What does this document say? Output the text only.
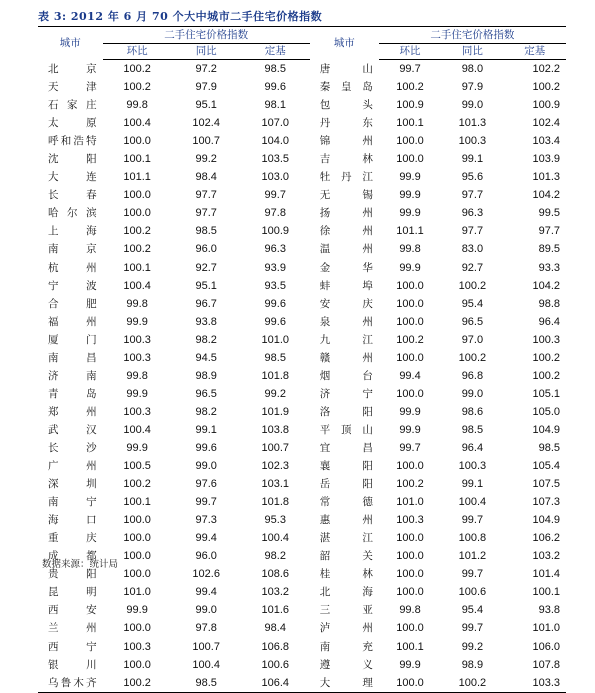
表 3: 2012 年 6 月 70 个大中城市二手住宅价格指数
城市	二手住宅价格指数			城市	二手住宅价格指数		
	环比	同比	定基		环比	同比	定基
北京	100.2	97.2	98.5	唐山	99.7	98.0	102.2
天津	100.2	97.9	99.6	秦皇岛	100.2	97.9	100.2
石家庄	99.8	95.1	98.1	包头	100.9	99.0	100.9
太原	100.4	102.4	107.0	丹东	100.1	101.3	102.4
呼和浩特	100.0	100.7	104.0	锦州	100.0	100.3	103.4
沈阳	100.1	99.2	103.5	吉林	100.0	99.1	103.9
大连	101.1	98.4	103.0	牡丹江	99.9	95.6	101.3
长春	100.0	97.7	99.7	无锡	99.9	97.7	104.2
哈尔滨	100.0	97.7	97.8	扬州	99.9	96.3	99.5
上海	100.2	98.5	100.9	徐州	101.1	97.7	97.7
南京	100.2	96.0	96.3	温州	99.8	83.0	89.5
杭州	100.1	92.7	93.9	金华	99.9	92.7	93.3
宁波	100.4	95.1	93.5	蚌埠	100.0	100.2	104.2
合肥	99.8	96.7	99.6	安庆	100.0	95.4	98.8
福州	99.9	93.8	99.6	泉州	100.0	96.5	96.4
厦门	100.3	98.2	101.0	九江	100.2	97.0	100.3
南昌	100.3	94.5	98.5	赣州	100.0	100.2	100.2
济南	99.8	98.9	101.8	烟台	99.4	96.8	100.2
青岛	99.9	96.5	99.2	济宁	100.0	99.0	105.1
郑州	100.3	98.2	101.9	洛阳	99.9	98.6	105.0
武汉	100.4	99.1	103.8	平顶山	99.9	98.5	104.9
长沙	99.9	99.6	100.7	宜昌	99.7	96.4	98.5
广州	100.5	99.0	102.3	襄阳	100.0	100.3	105.4
深圳	100.2	97.6	103.1	岳阳	100.2	99.1	107.5
南宁	100.1	99.7	101.8	常德	101.0	100.4	107.3
海口	100.0	97.3	95.3	惠州	100.3	99.7	104.9
重庆	100.0	99.4	100.4	湛江	100.0	100.8	106.2
成都	100.0	96.0	98.2	韶关	100.0	101.2	103.2
贵阳	100.0	102.6	108.6	桂林	100.0	99.7	101.4
昆明	101.0	99.4	103.2	北海	100.0	100.6	100.1
西安	99.9	99.0	101.6	三亚	99.8	95.4	93.8
兰州	100.0	97.8	98.4	泸州	100.0	99.7	101.0
西宁	100.3	100.7	106.8	南充	100.1	99.2	106.0
银川	100.0	100.4	100.6	遵义	99.9	98.9	107.8
乌鲁木齐	100.2	98.5	106.4	大理	100.0	100.2	103.3
数据来源：统计局
